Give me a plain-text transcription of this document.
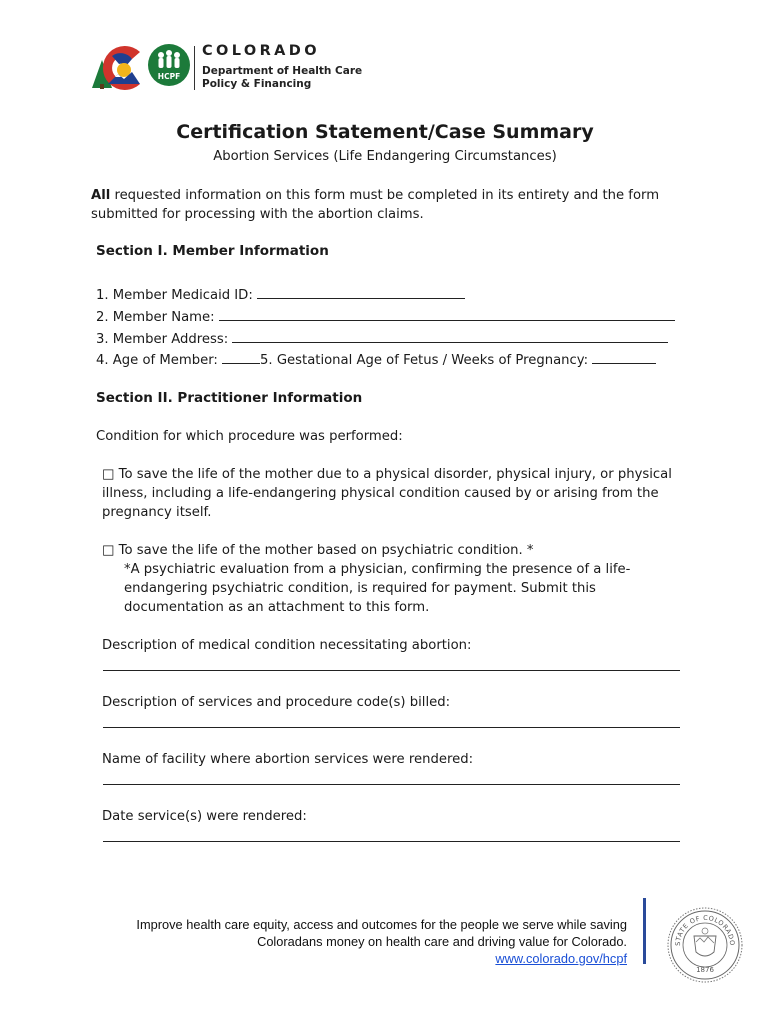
HCPF
COLORADO
Department of Health Care
Policy & Financing
Certification Statement/Case Summary
Abortion Services (Life Endangering Circumstances)
All requested information on this form must be completed in its entirety and the form
submitted for processing with the abortion claims.
Section I. Member Information
1. Member Medicaid ID:
2. Member Name:
3. Member Address:
4. Age of Member:	5. Gestational Age of Fetus / Weeks of Pregnancy:
Section II. Practitioner Information
Condition for which procedure was performed:
□ To save the life of the mother due to a physical disorder, physical injury, or physical
illness, including a life-endangering physical condition caused by or arising from the
pregnancy itself.
□ To save the life of the mother based on psychiatric condition. *
*A psychiatric evaluation from a physician, confirming the presence of a life-
endangering psychiatric condition, is required for payment. Submit this
documentation as an attachment to this form.
Description of medical condition necessitating abortion:
Description of services and procedure code(s) billed:
Name of facility where abortion services were rendered:
Date service(s) were rendered:
Improve health care equity, access and outcomes for the people we serve while saving
Coloradans money on health care and driving value for Colorado.
www.colorado.gov/hcpf
STATE OF COLORADO
1876
